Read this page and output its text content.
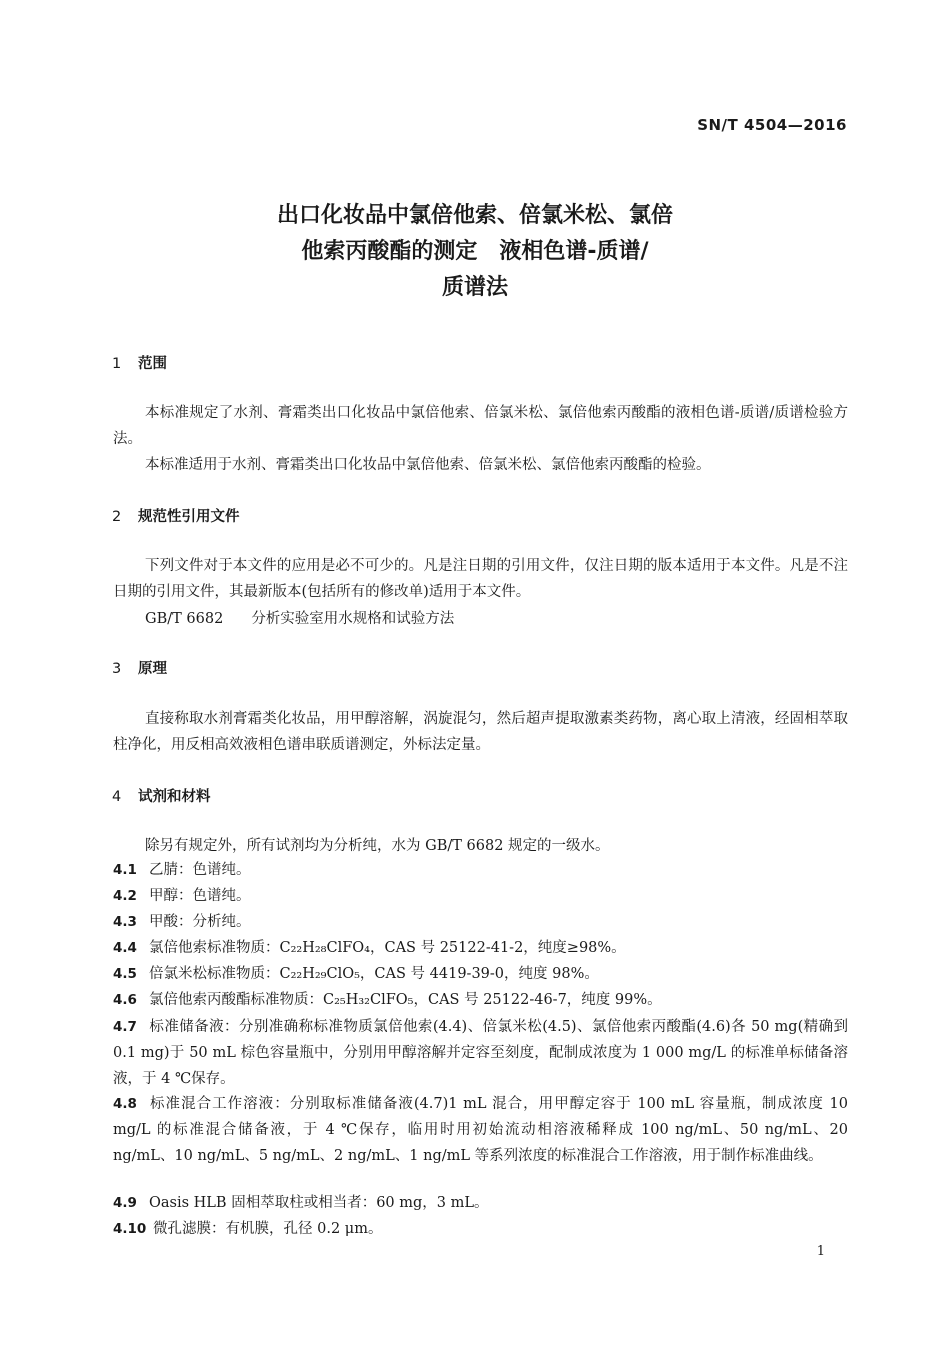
SN/T 4504—2016
出口化妆品中氯倍他索、倍氯米松、氯倍
他索丙酸酯的测定　液相色谱-质谱/
质谱法
1 范围
本标准规定了水剂、膏霜类出口化妆品中氯倍他索、倍氯米松、氯倍他索丙酸酯的液相色谱-质谱/质谱检验方法。
本标准适用于水剂、膏霜类出口化妆品中氯倍他索、倍氯米松、氯倍他索丙酸酯的检验。
2 规范性引用文件
下列文件对于本文件的应用是必不可少的。凡是注日期的引用文件，仅注日期的版本适用于本文件。凡是不注日期的引用文件，其最新版本(包括所有的修改单)适用于本文件。
GB/T 6682 分析实验室用水规格和试验方法
3 原理
直接称取水剂膏霜类化妆品，用甲醇溶解，涡旋混匀，然后超声提取激素类药物，离心取上清液，经固相萃取柱净化，用反相高效液相色谱串联质谱测定，外标法定量。
4 试剂和材料
除另有规定外，所有试剂均为分析纯，水为 GB/T 6682 规定的一级水。
4.1 乙腈：色谱纯。
4.2 甲醇：色谱纯。
4.3 甲酸：分析纯。
4.4 氯倍他索标准物质：C₂₂H₂₈ClFO₄，CAS 号 25122-41-2，纯度≥98%。
4.5 倍氯米松标准物质：C₂₂H₂₉ClO₅，CAS 号 4419-39-0，纯度 98%。
4.6 氯倍他索丙酸酯标准物质：C₂₅H₃₂ClFO₅，CAS 号 25122-46-7，纯度 99%。
4.7 标准储备液：分别准确称标准物质氯倍他索(4.4)、倍氯米松(4.5)、氯倍他索丙酸酯(4.6)各 50 mg(精确到 0.1 mg)于 50 mL 棕色容量瓶中，分别用甲醇溶解并定容至刻度，配制成浓度为 1 000 mg/L 的标准单标储备溶液，于 4 ℃保存。
4.8 标准混合工作溶液：分别取标准储备液(4.7)1 mL 混合，用甲醇定容于 100 mL 容量瓶，制成浓度 10 mg/L 的标准混合储备液，于 4 ℃保存，临用时用初始流动相溶液稀释成 100 ng/mL、50 ng/mL、20 ng/mL、10 ng/mL、5 ng/mL、2 ng/mL、1 ng/mL 等系列浓度的标准混合工作溶液，用于制作标准曲线。
4.9 Oasis HLB 固相萃取柱或相当者：60 mg，3 mL。
4.10 微孔滤膜：有机膜，孔径 0.2 μm。
1
